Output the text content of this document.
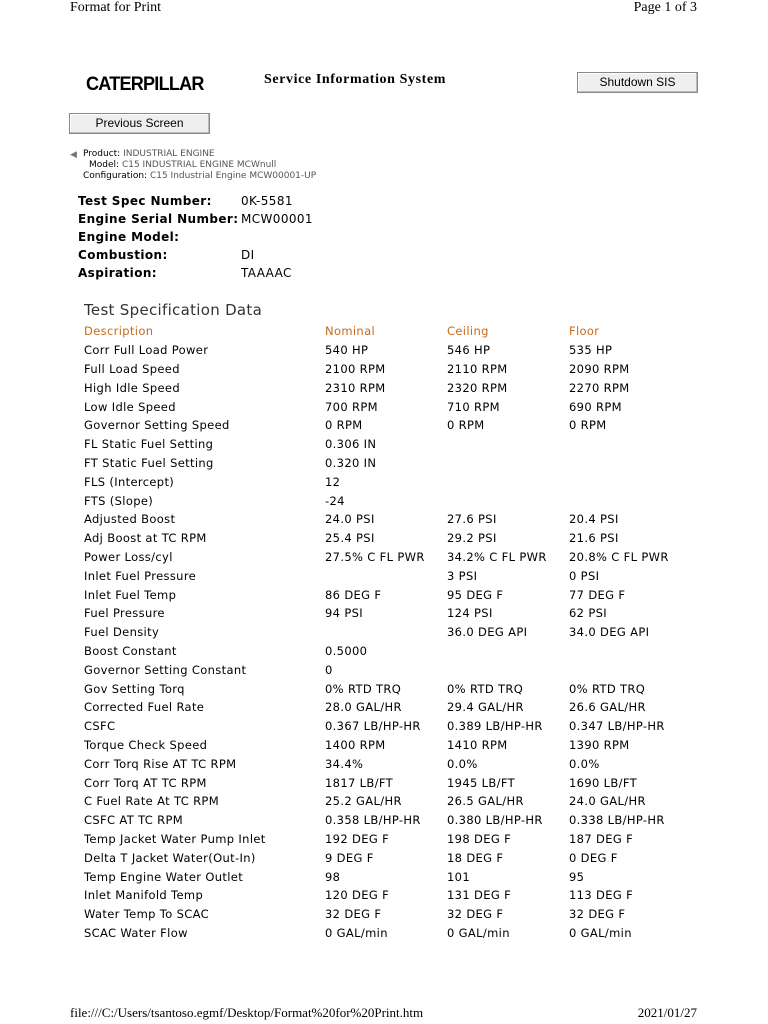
Format for Print	Page 1 of 3
CATERPILLAR	Service Information System	Shutdown SIS
Previous Screen
◀ Product: INDUSTRIAL ENGINE
Model: C15 INDUSTRIAL ENGINE MCWnull
Configuration: C15 Industrial Engine MCW00001-UP
Test Spec Number: 0K-5581
Engine Serial Number: MCW00001
Engine Model:
Combustion:	DI
Aspiration:	TAAAAC
Test Specification Data
Description	Nominal	Ceiling	Floor
Corr Full Load Power	540 HP	546 HP	535 HP
Full Load Speed	2100 RPM	2110 RPM	2090 RPM
High Idle Speed	2310 RPM	2320 RPM	2270 RPM
Low Idle Speed	700 RPM	710 RPM	690 RPM
Governor Setting Speed	0 RPM	0 RPM	0 RPM
FL Static Fuel Setting	0.306 IN		
FT Static Fuel Setting	0.320 IN		
FLS (Intercept)	12		
FTS (Slope)	-24		
Adjusted Boost	24.0 PSI	27.6 PSI	20.4 PSI
Adj Boost at TC RPM	25.4 PSI	29.2 PSI	21.6 PSI
Power Loss/cyl	27.5% C FL PWR	34.2% C FL PWR	20.8% C FL PWR
Inlet Fuel Pressure		3 PSI	0 PSI
Inlet Fuel Temp	86 DEG F	95 DEG F	77 DEG F
Fuel Pressure	94 PSI	124 PSI	62 PSI
Fuel Density		36.0 DEG API	34.0 DEG API
Boost Constant	0.5000		
Governor Setting Constant	0		
Gov Setting Torq	0% RTD TRQ	0% RTD TRQ	0% RTD TRQ
Corrected Fuel Rate	28.0 GAL/HR	29.4 GAL/HR	26.6 GAL/HR
CSFC	0.367 LB/HP-HR	0.389 LB/HP-HR	0.347 LB/HP-HR
Torque Check Speed	1400 RPM	1410 RPM	1390 RPM
Corr Torq Rise AT TC RPM	34.4%	0.0%	0.0%
Corr Torq AT TC RPM	1817 LB/FT	1945 LB/FT	1690 LB/FT
C Fuel Rate At TC RPM	25.2 GAL/HR	26.5 GAL/HR	24.0 GAL/HR
CSFC AT TC RPM	0.358 LB/HP-HR	0.380 LB/HP-HR	0.338 LB/HP-HR
Temp Jacket Water Pump Inlet	192 DEG F	198 DEG F	187 DEG F
Delta T Jacket Water(Out-In)	9 DEG F	18 DEG F	0 DEG F
Temp Engine Water Outlet	98	101	95
Inlet Manifold Temp	120 DEG F	131 DEG F	113 DEG F
Water Temp To SCAC	32 DEG F	32 DEG F	32 DEG F
SCAC Water Flow	0 GAL/min	0 GAL/min	0 GAL/min
file:///C:/Users/tsantoso.egmf/Desktop/Format%20for%20Print.htm	2021/01/27
